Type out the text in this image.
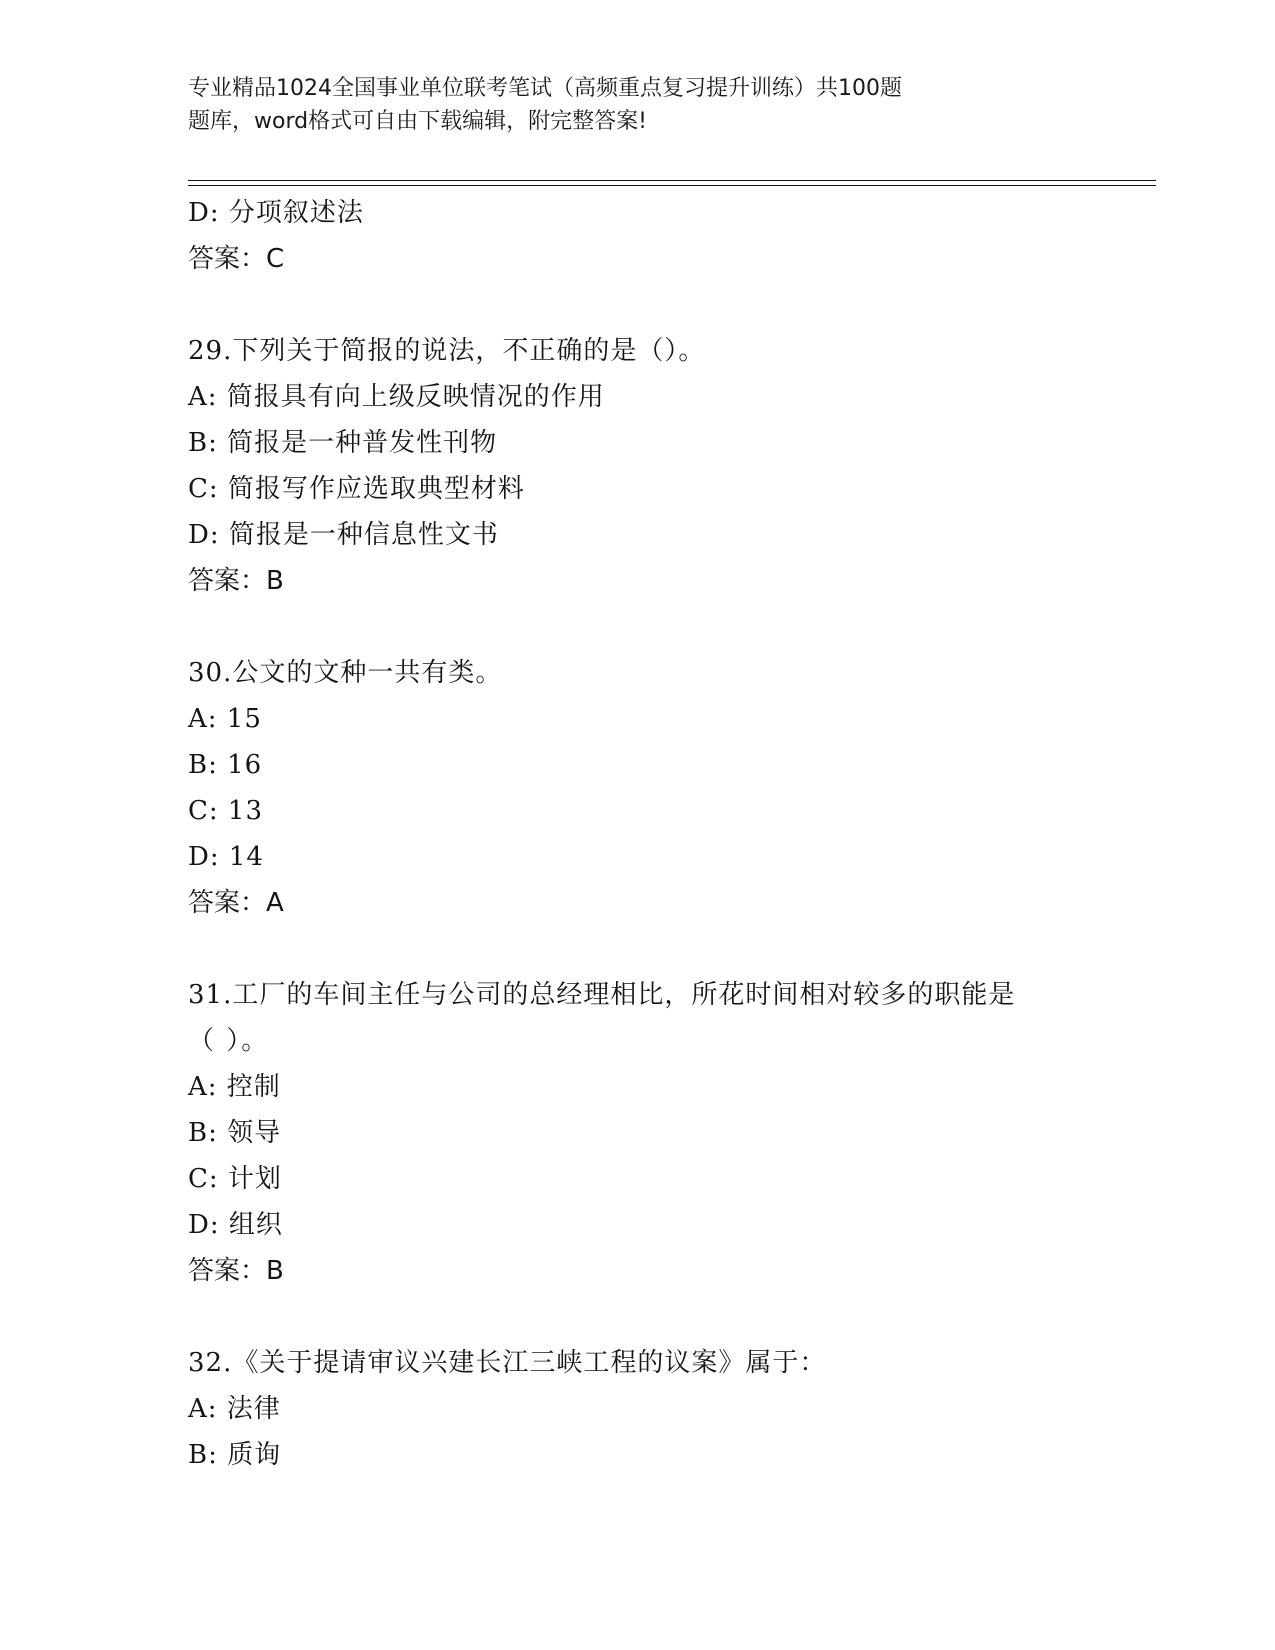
专业精品1024全国事业单位联考笔试（高频重点复习提升训练）共100题
题库，word格式可自由下载编辑，附完整答案!
D: 分项叙述法
答案：C
29.下列关于简报的说法，不正确的是（）。
A: 简报具有向上级反映情况的作用
B: 简报是一种普发性刊物
C: 简报写作应选取典型材料
D: 简报是一种信息性文书
答案：B
30.公文的文种一共有类。
A: 15
B: 16
C: 13
D: 14
答案：A
31.工厂的车间主任与公司的总经理相比，所花时间相对较多的职能是
（ ）。
A: 控制
B: 领导
C: 计划
D: 组织
答案：B
32.《关于提请审议兴建长江三峡工程的议案》属于：
A: 法律
B: 质询
